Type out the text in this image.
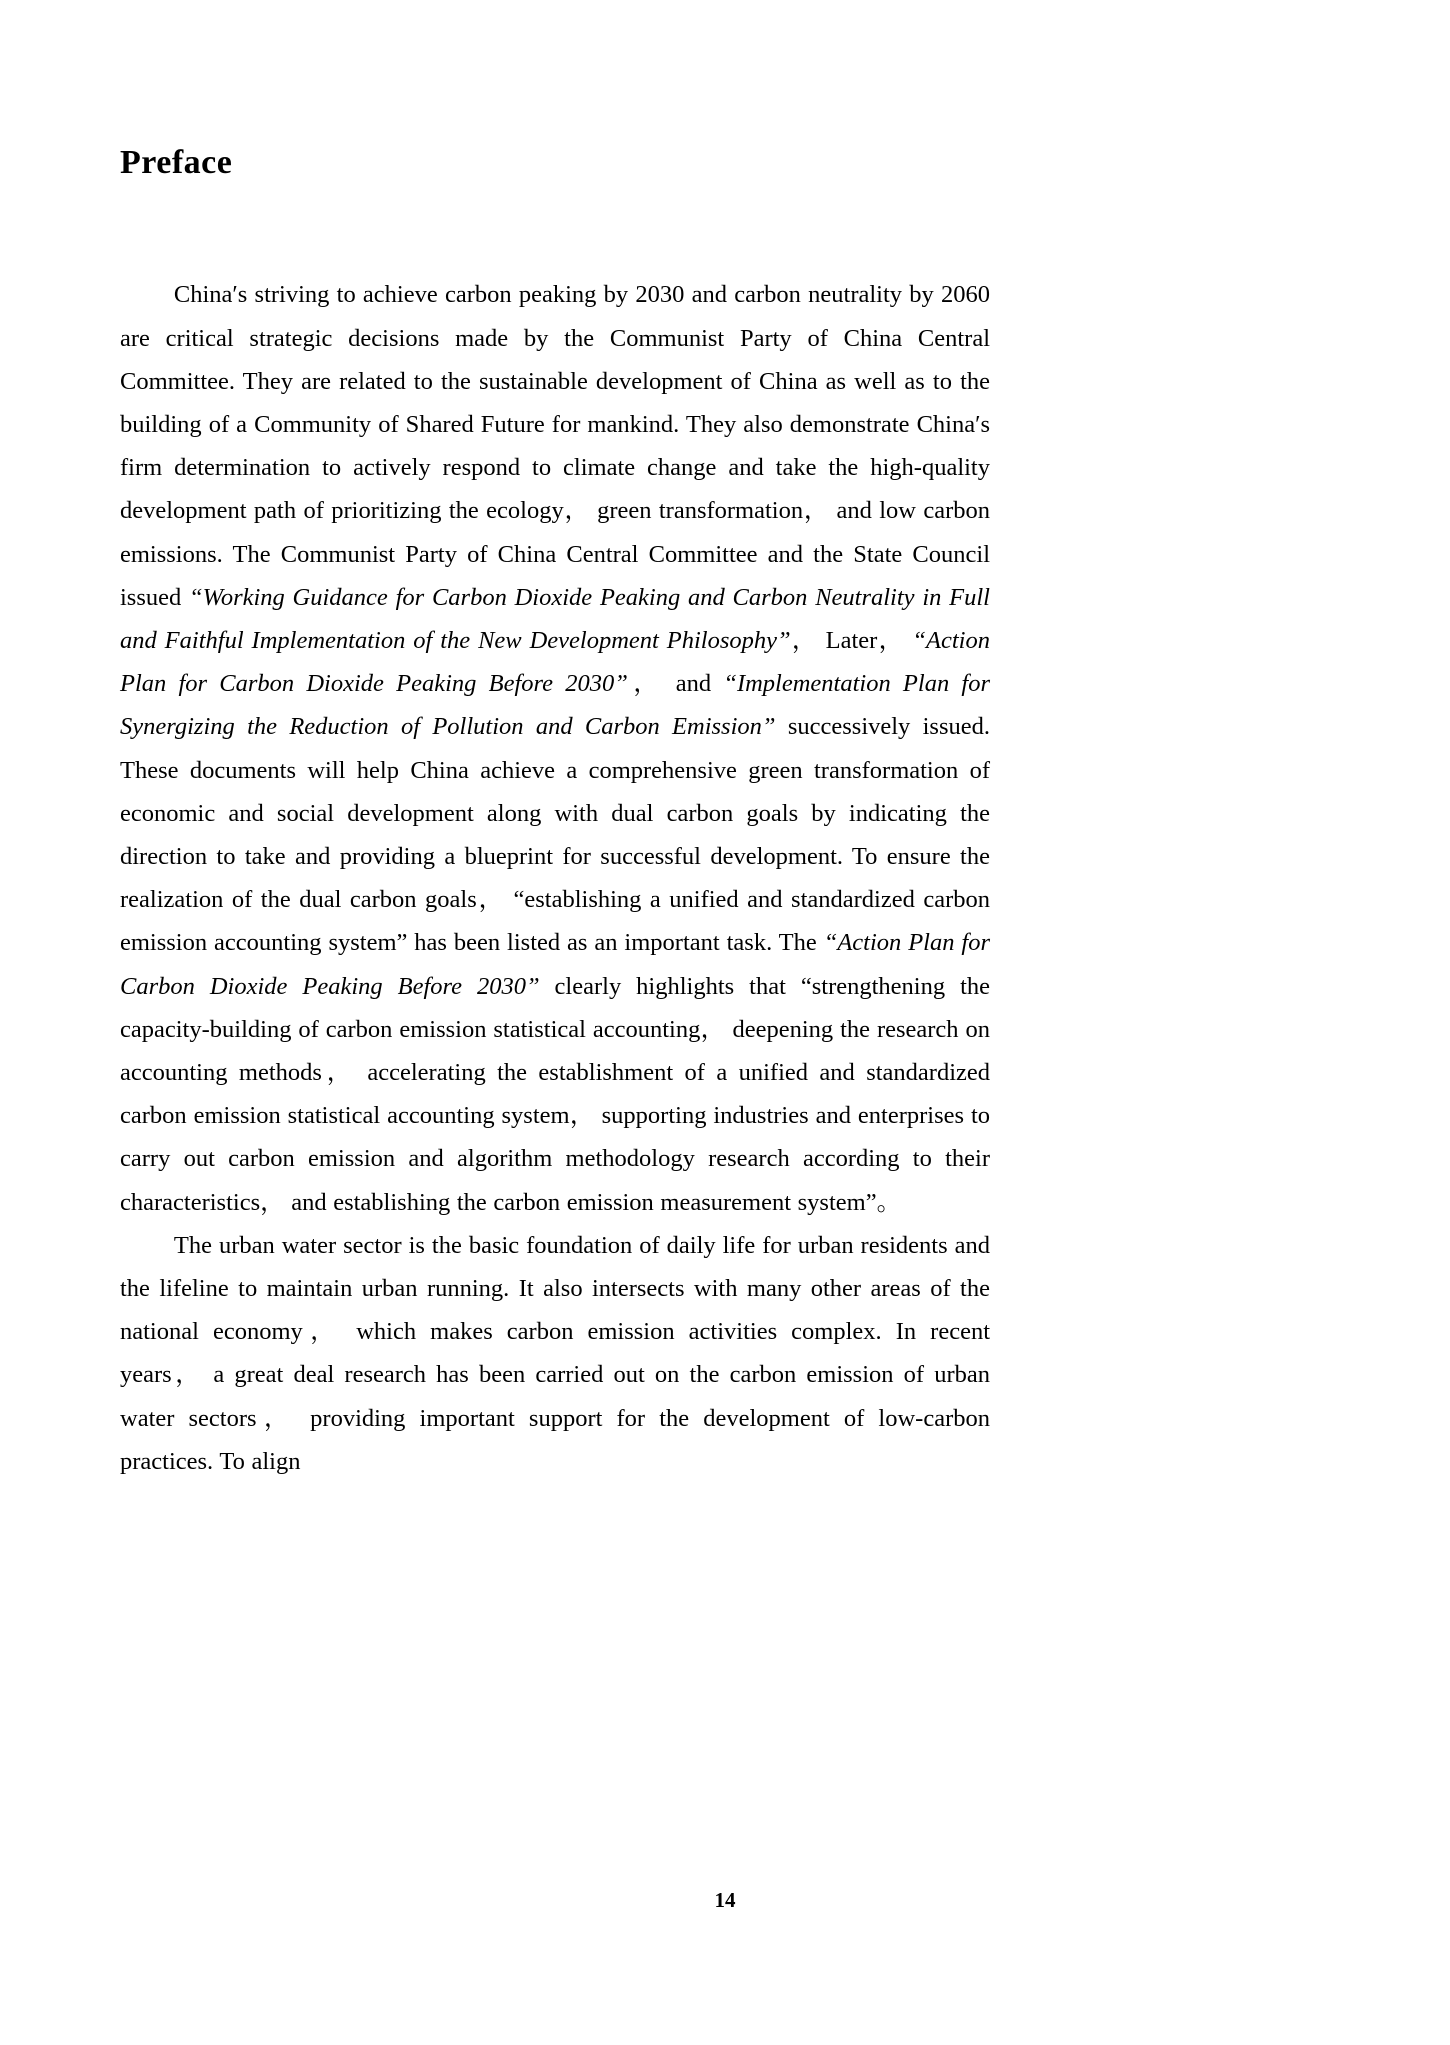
Preface

China′s striving to achieve carbon peaking by 2030 and carbon neutrality by 2060 are critical strategic decisions made by the Communist Party of China Central Committee. They are related to the sustainable development of China as well as to the building of a Community of Shared Future for mankind. They also demonstrate China′s firm determination to actively respond to climate change and take the high-quality development path of prioritizing the ecology， green transformation， and low carbon emissions. The Communist Party of China Central Committee and the State Council issued “Working Guidance for Carbon Dioxide Peaking and Carbon Neutrality in Full and Faithful Implementation of the New Development Philosophy”， Later， “Action Plan for Carbon Dioxide Peaking Before 2030”， and “Implementation Plan for Synergizing the Reduction of Pollution and Carbon Emission” successively issued. These documents will help China achieve a comprehensive green transformation of economic and social development along with dual carbon goals by indicating the direction to take and providing a blueprint for successful development. To ensure the realization of the dual carbon goals， “establishing a unified and standardized carbon emission accounting system” has been listed as an important task. The “Action Plan for Carbon Dioxide Peaking Before 2030” clearly highlights that “strengthening the capacity-building of carbon emission statistical accounting， deepening the research on accounting methods， accelerating the establishment of a unified and standardized carbon emission statistical accounting system， supporting industries and enterprises to carry out carbon emission and algorithm methodology research according to their characteristics， and establishing the carbon emission measurement system”。

The urban water sector is the basic foundation of daily life for urban residents and the lifeline to maintain urban running. It also intersects with many other areas of the national economy， which makes carbon emission activities complex. In recent years， a great deal research has been carried out on the carbon emission of urban water sectors， providing important support for the development of low-carbon practices. To align

14
